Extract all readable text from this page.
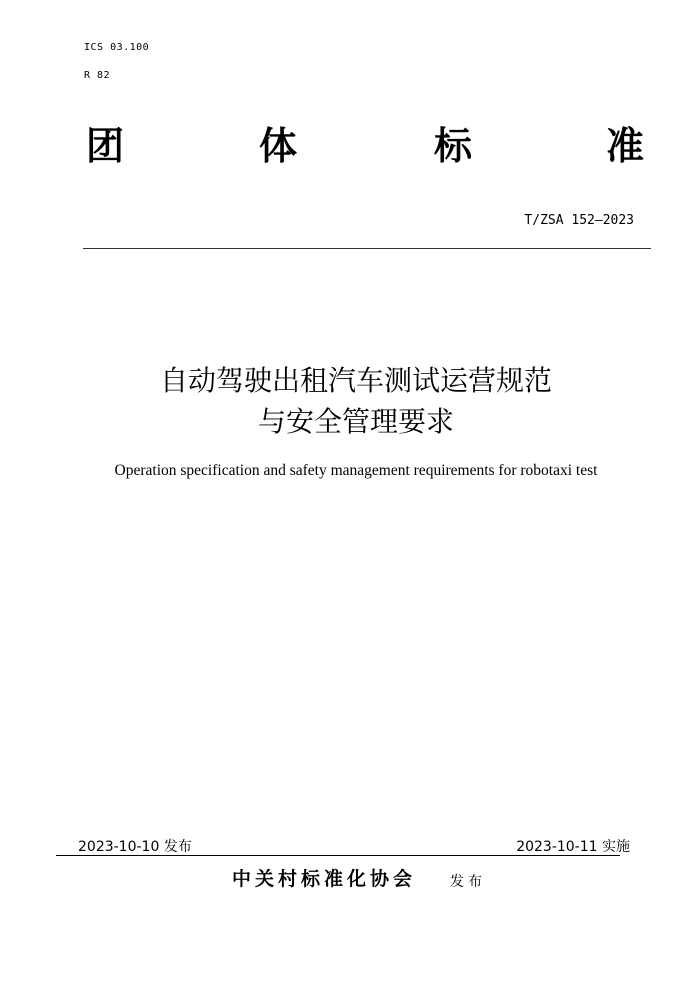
ICS 03.100
R 82
团	体	标	准
T/ZSA 152—2023
自动驾驶出租汽车测试运营规范
与安全管理要求
Operation specification and safety management requirements for robotaxi test
2023-10-10 发布	2023-10-11 实施
中关村标准化协会 发布
